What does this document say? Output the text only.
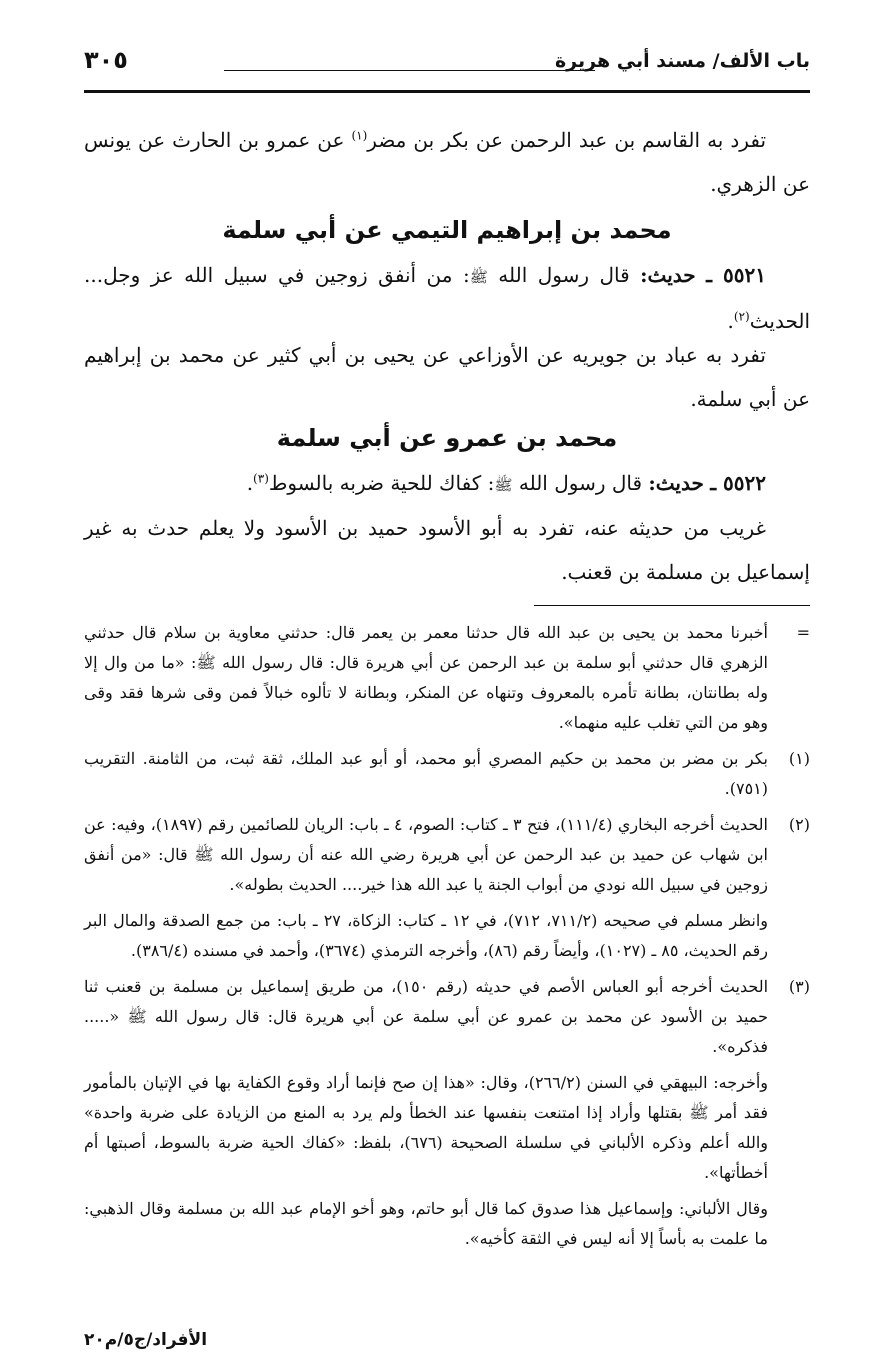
باب الألف/ مسند أبي هريرة
٣٠٥

تفرد به القاسم بن عبد الرحمن عن بكر بن مضر$^{(١)}$ عن عمرو بن الحارث عن يونس عن الزهري.

محمد بن إبراهيم التيمي عن أبي سلمة

٥٥٢١ ـ حديث: قال رسول الله ﷺ: من أنفق زوجين في سبيل الله عز وجل... الحديث$^{(٢)}$.

تفرد به عباد بن جويريه عن الأوزاعي عن يحيى بن أبي كثير عن محمد بن إبراهيم عن أبي سلمة.

محمد بن عمرو عن أبي سلمة

٥٥٢٢ ـ حديث: قال رسول الله ﷺ: كفاك للحية ضربه بالسوط$^{(٣)}$.

غريب من حديثه عنه، تفرد به أبو الأسود حميد بن الأسود ولا يعلم حدث به غير إسماعيل بن مسلمة بن قعنب.

=

أخبرنا محمد بن يحيى بن عبد الله قال حدثنا معمر بن يعمر قال: حدثني معاوية بن سلام قال حدثني الزهري قال حدثني أبو سلمة بن عبد الرحمن عن أبي هريرة قال: قال رسول الله ﷺ: «ما من وال إلا وله بطانتان، بطانة تأمره بالمعروف وتنهاه عن المنكر، وبطانة لا تألوه خبالاً فمن وقى شرها فقد وقى وهو من التي تغلب عليه منهما».

(١)

بكر بن مضر بن محمد بن حكيم المصري أبو محمد، أو أبو عبد الملك، ثقة ثبت، من الثامنة. التقريب (٧٥١).

(٢)

الحديث أخرجه البخاري (١١١/٤)، فتح ٣ ـ كتاب: الصوم، ٤ ـ باب: الريان للصائمين رقم (١٨٩٧)، وفيه: عن ابن شهاب عن حميد بن عبد الرحمن عن أبي هريرة رضي الله عنه أن رسول الله ﷺ قال: «من أنفق زوجين في سبيل الله نودي من أبواب الجنة يا عبد الله هذا خير.... الحديث بطوله».

وانظر مسلم في صحيحه (٧١١/٢، ٧١٢)، في ١٢ ـ كتاب: الزكاة، ٢٧ ـ باب: من جمع الصدقة والمال البر رقم الحديث، ٨٥ ـ (١٠٢٧)، وأيضاً رقم (٨٦)، وأخرجه الترمذي (٣٦٧٤)، وأحمد في مسنده (٣٨٦/٤).

(٣)

الحديث أخرجه أبو العباس الأصم في حديثه (رقم ١٥٠)، من طريق إسماعيل بن مسلمة بن قعنب ثنا حميد بن الأسود عن محمد بن عمرو عن أبي سلمة عن أبي هريرة قال: قال رسول الله ﷺ «..... فذكره».

وأخرجه: البيهقي في السنن (٢٦٦/٢)، وقال: «هذا إن صح فإنما أراد وقوع الكفاية بها في الإتيان بالمأمور فقد أمر ﷺ بقتلها وأراد إذا امتنعت بنفسها عند الخطأ ولم يرد به المنع من الزيادة على ضربة واحدة» والله أعلم وذكره الألباني في سلسلة الصحيحة (٦٧٦)، بلفظ: «كفاك الحية ضربة بالسوط، أصبتها أم أخطأتها».

وقال الألباني: وإسماعيل هذا صدوق كما قال أبو حاتم، وهو أخو الإمام عبد الله بن مسلمة وقال الذهبي: ما علمت به بأساً إلا أنه ليس في الثقة كأخيه».

الأفراد/ج٥/م٢٠
